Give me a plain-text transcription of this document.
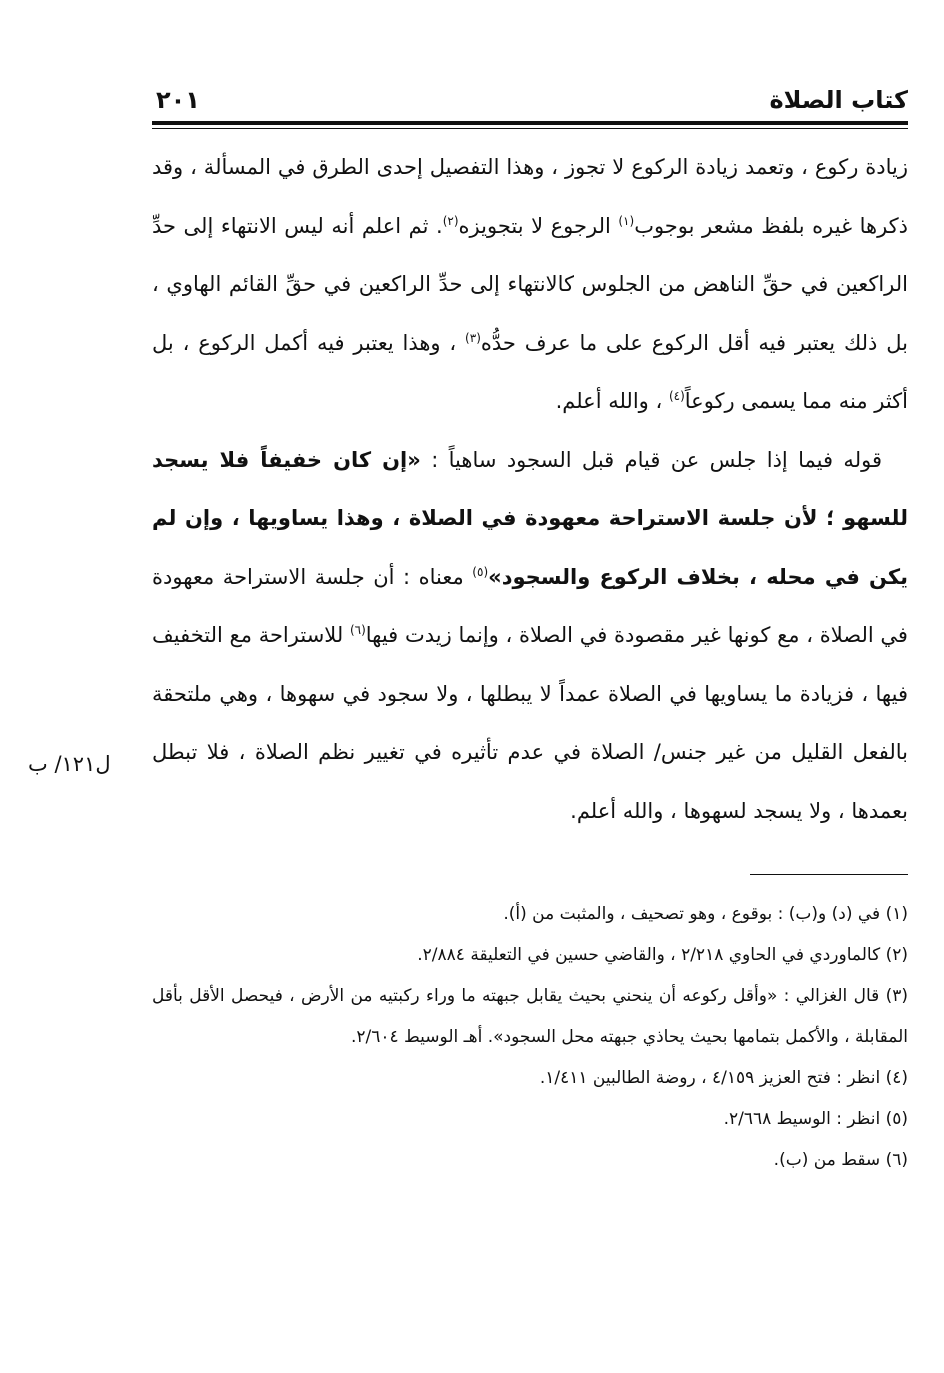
كتاب الصلاة
٢٠١

زيادة ركوع ، وتعمد زيادة الركوع لا تجوز ، وهذا التفصيل إحدى الطرق في المسألة ، وقد ذكرها غيره بلفظ مشعر بوجوب$^{(١)}$ الرجوع لا بتجويزه$^{(٢)}$. ثم اعلم أنه ليس الانتهاء إلى حدِّ الراكعين في حقِّ الناهض من الجلوس كالانتهاء إلى حدِّ الراكعين في حقِّ القائم الهاوي ، بل ذلك يعتبر فيه أقل الركوع على ما عرف حدُّه$^{(٣)}$ ، وهذا يعتبر فيه أكمل الركوع ، بل أكثر منه مما يسمى ركوعاً$^{(٤)}$ ، والله أعلم.

قوله فيما إذا جلس عن قيام قبل السجود ساهياً : «إن كان خفيفاً فلا يسجد للسهو ؛ لأن جلسة الاستراحة معهودة في الصلاة ، وهذا يساويها ، وإن لم يكن في محله ، بخلاف الركوع والسجود»$^{(٥)}$ معناه : أن جلسة الاستراحة معهودة في الصلاة ، مع كونها غير مقصودة في الصلاة ، وإنما زيدت فيها$^{(٦)}$ للاستراحة مع التخفيف فيها ، فزيادة ما يساويها في الصلاة عمداً لا يبطلها ، ولا سجود في سهوها ، وهي ملتحقة بالفعل القليل من غير جنس/ الصلاة في عدم تأثيره في تغيير نظم الصلاة ، فلا تبطل بعمدها ، ولا يسجد لسهوها ، والله أعلم.

ل١٢١/ ب

(١) في (د) و(ب) : بوقوع ، وهو تصحيف ، والمثبت من (أ).

(٢) كالماوردي في الحاوي ٢/٢١٨ ، والقاضي حسين في التعليقة ٢/٨٨٤.

(٣) قال الغزالي : «وأقل ركوعه أن ينحني بحيث يقابل جبهته ما وراء ركبتيه من الأرض ، فيحصل الأقل بأقل المقابلة ، والأكمل بتمامها بحيث يحاذي جبهته محل السجود». أهـ الوسيط ٢/٦٠٤.

(٤) انظر : فتح العزيز ٤/١٥٩ ، روضة الطالبين ١/٤١١.

(٥) انظر : الوسيط ٢/٦٦٨.

(٦) سقط من (ب).
